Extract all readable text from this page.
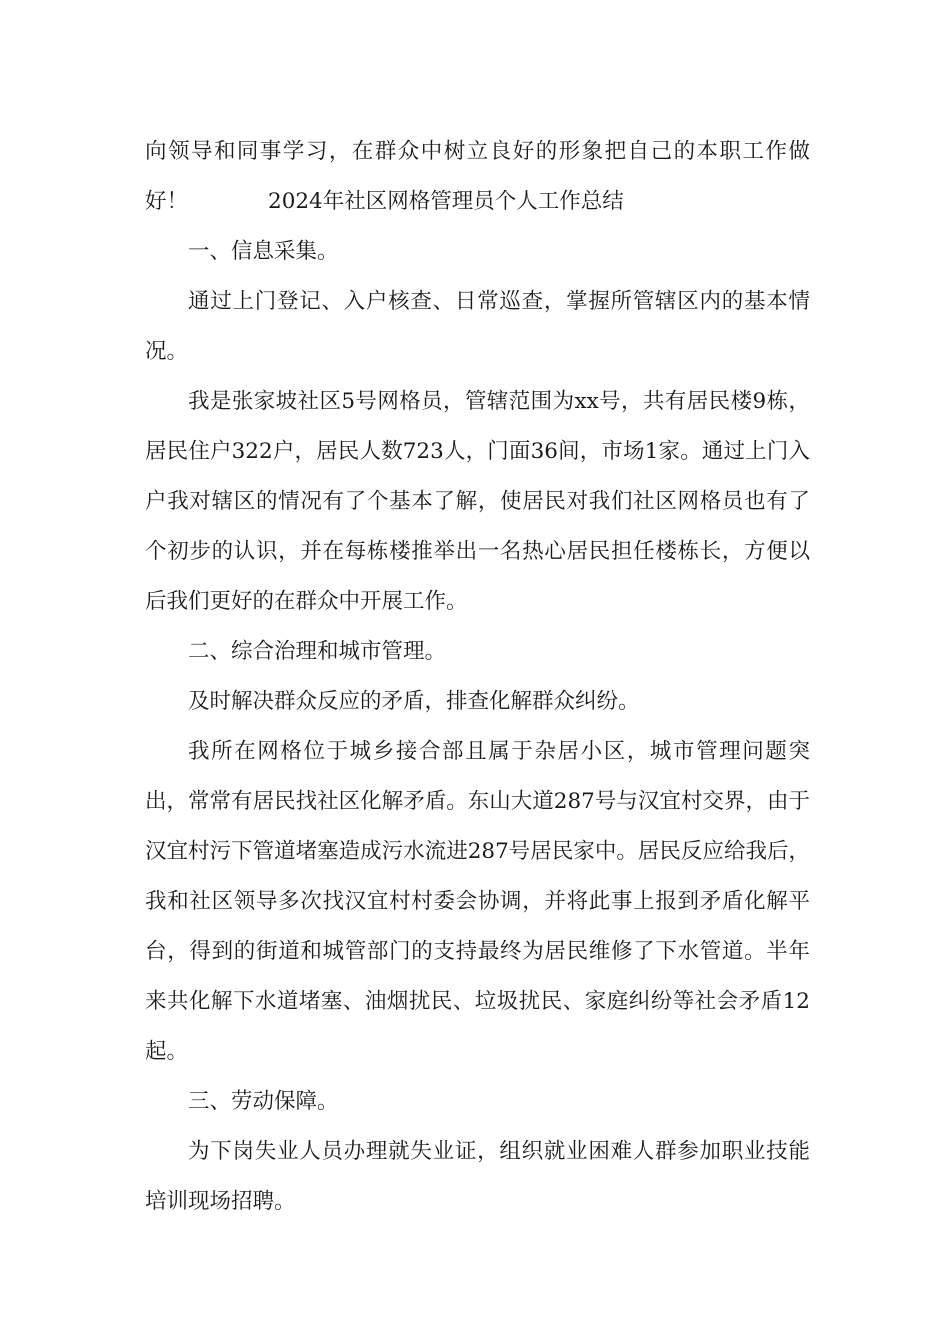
向领导和同事学习，在群众中树立良好的形象把自己的本职工作做好！	2024年社区网格管理员个人工作总结

一、信息采集。

通过上门登记、入户核查、日常巡查，掌握所管辖区内的基本情况。

我是张家坡社区5号网格员，管辖范围为xx号，共有居民楼9栋，居民住户322户，居民人数723人，门面36间，市场1家。通过上门入户我对辖区的情况有了个基本了解，使居民对我们社区网格员也有了个初步的认识，并在每栋楼推举出一名热心居民担任楼栋长，方便以后我们更好的在群众中开展工作。

二、综合治理和城市管理。

及时解决群众反应的矛盾，排查化解群众纠纷。

我所在网格位于城乡接合部且属于杂居小区，城市管理问题突出，常常有居民找社区化解矛盾。东山大道287号与汉宜村交界，由于汉宜村污下管道堵塞造成污水流进287号居民家中。居民反应给我后，我和社区领导多次找汉宜村村委会协调，并将此事上报到矛盾化解平台，得到的街道和城管部门的支持最终为居民维修了下水管道。半年来共化解下水道堵塞、油烟扰民、垃圾扰民、家庭纠纷等社会矛盾12起。

三、劳动保障。

为下岗失业人员办理就失业证，组织就业困难人群参加职业技能培训现场招聘。
